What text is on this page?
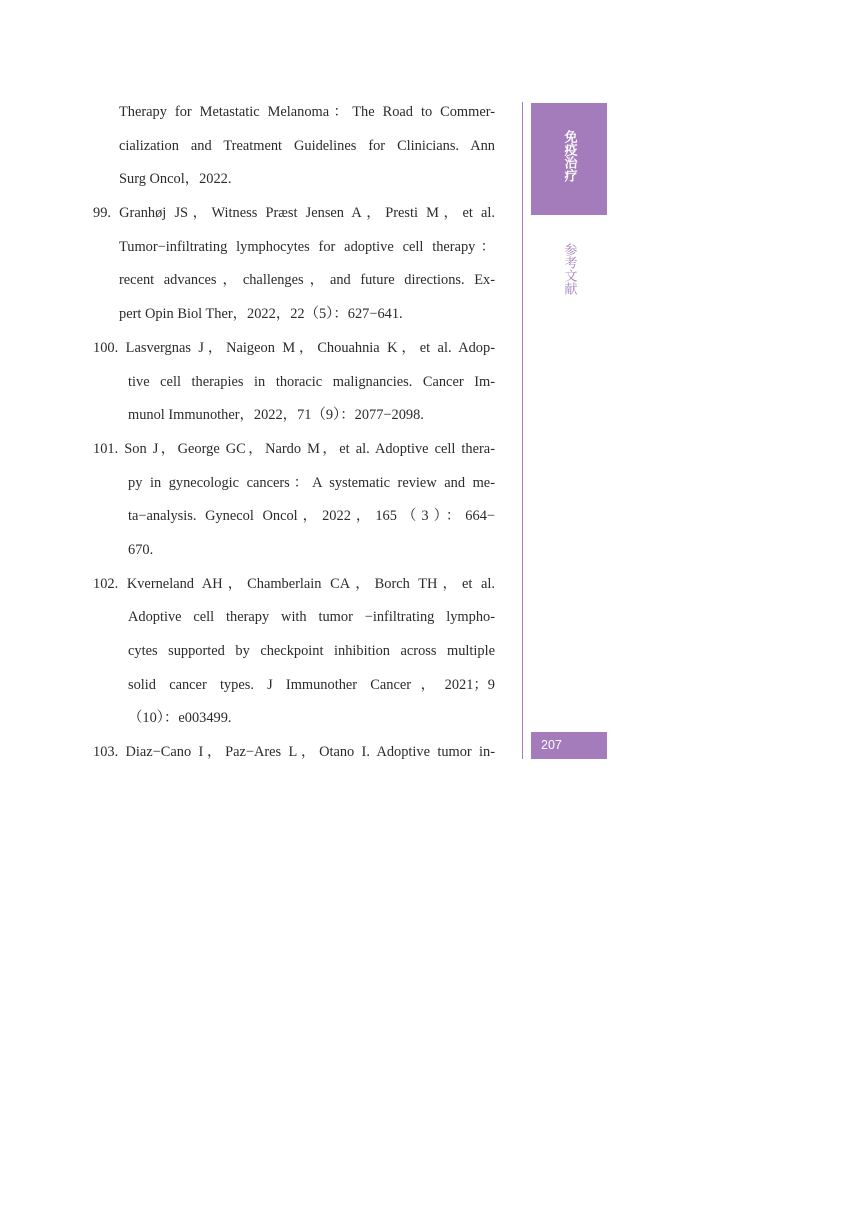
Therapy for Metastatic Melanoma：The Road to Commer-
cialization and Treatment Guidelines for Clinicians. Ann
Surg Oncol，2022.
99. Granhøj JS，Witness Præst Jensen A，Presti M，et al.
Tumor−infiltrating lymphocytes for adoptive cell therapy：
recent advances，challenges，and future directions. Ex-
pert Opin Biol Ther，2022，22（5）：627−641.
100. Lasvergnas J，Naigeon M，Chouahnia K，et al. Adop-
tive cell therapies in thoracic malignancies. Cancer Im-
munol Immunother，2022，71（9）：2077−2098.
101. Son J，George GC，Nardo M，et al. Adoptive cell thera-
py in gynecologic cancers：A systematic review and me-
ta−analysis. Gynecol Oncol，2022，165（3）：664−
670.
102. Kverneland AH，Chamberlain CA，Borch TH，et al.
Adoptive cell therapy with tumor −infiltrating lympho-
cytes supported by checkpoint inhibition across multiple
solid cancer types. J Immunother Cancer，2021；9
（10）：e003499.
103. Diaz−Cano I，Paz−Ares L，Otano I. Adoptive tumor in-
免疫治疗
参考文献
207
